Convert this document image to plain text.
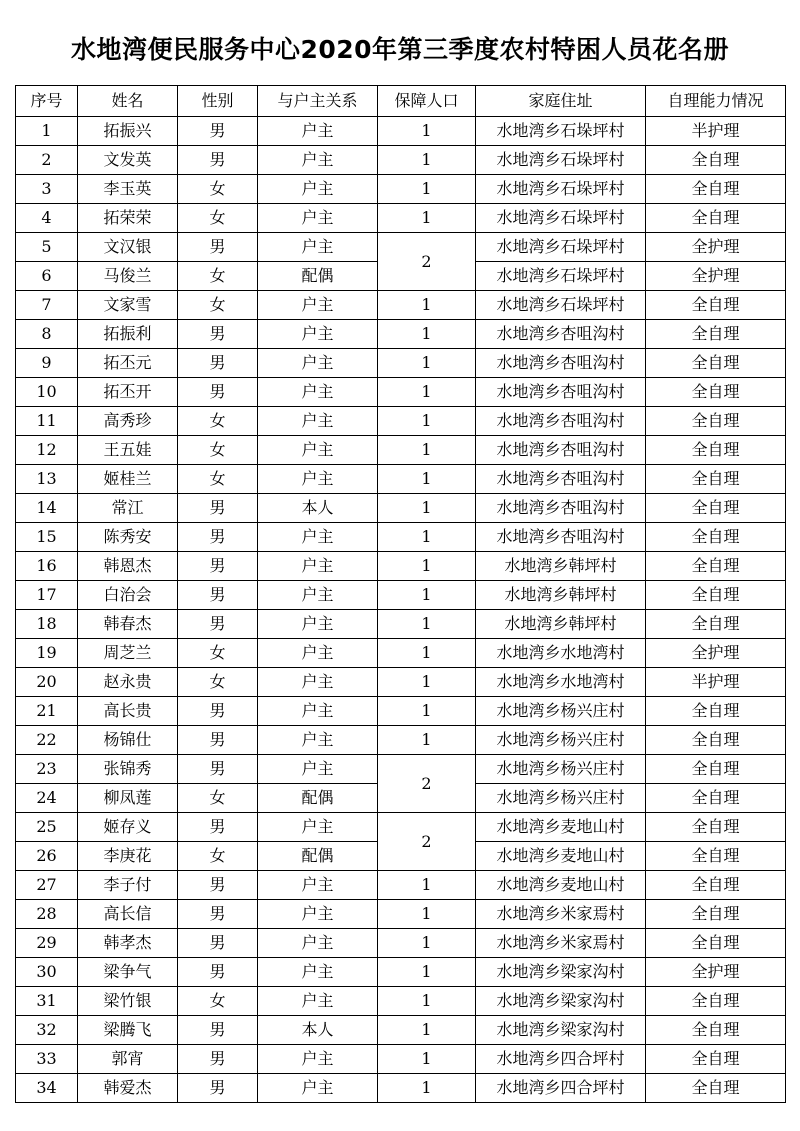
水地湾便民服务中心2020年第三季度农村特困人员花名册
序号	姓名	性别	与户主关系	保障人口	家庭住址	自理能力情况
1	拓振兴	男	户主	1	水地湾乡石垛坪村	半护理
2	文发英	男	户主	1	水地湾乡石垛坪村	全自理
3	李玉英	女	户主	1	水地湾乡石垛坪村	全自理
4	拓荣荣	女	户主	1	水地湾乡石垛坪村	全自理
5	文汉银	男	户主	2	水地湾乡石垛坪村	全护理
6	马俊兰	女	配偶		水地湾乡石垛坪村	全护理
7	文家雪	女	户主	1	水地湾乡石垛坪村	全自理
8	拓振利	男	户主	1	水地湾乡杏咀沟村	全自理
9	拓丕元	男	户主	1	水地湾乡杏咀沟村	全自理
10	拓丕开	男	户主	1	水地湾乡杏咀沟村	全自理
11	高秀珍	女	户主	1	水地湾乡杏咀沟村	全自理
12	王五娃	女	户主	1	水地湾乡杏咀沟村	全自理
13	姬桂兰	女	户主	1	水地湾乡杏咀沟村	全自理
14	常江	男	本人	1	水地湾乡杏咀沟村	全自理
15	陈秀安	男	户主	1	水地湾乡杏咀沟村	全自理
16	韩恩杰	男	户主	1	水地湾乡韩坪村	全自理
17	白治会	男	户主	1	水地湾乡韩坪村	全自理
18	韩春杰	男	户主	1	水地湾乡韩坪村	全自理
19	周芝兰	女	户主	1	水地湾乡水地湾村	全护理
20	赵永贵	女	户主	1	水地湾乡水地湾村	半护理
21	高长贵	男	户主	1	水地湾乡杨兴庄村	全自理
22	杨锦仕	男	户主	1	水地湾乡杨兴庄村	全自理
23	张锦秀	男	户主	2	水地湾乡杨兴庄村	全自理
24	柳凤莲	女	配偶		水地湾乡杨兴庄村	全自理
25	姬存义	男	户主	2	水地湾乡麦地山村	全自理
26	李庚花	女	配偶		水地湾乡麦地山村	全自理
27	李子付	男	户主	1	水地湾乡麦地山村	全自理
28	高长信	男	户主	1	水地湾乡米家焉村	全自理
29	韩孝杰	男	户主	1	水地湾乡米家焉村	全自理
30	梁争气	男	户主	1	水地湾乡梁家沟村	全护理
31	梁竹银	女	户主	1	水地湾乡梁家沟村	全自理
32	梁腾飞	男	本人	1	水地湾乡梁家沟村	全自理
33	郭宵	男	户主	1	水地湾乡四合坪村	全自理
34	韩爱杰	男	户主	1	水地湾乡四合坪村	全自理
